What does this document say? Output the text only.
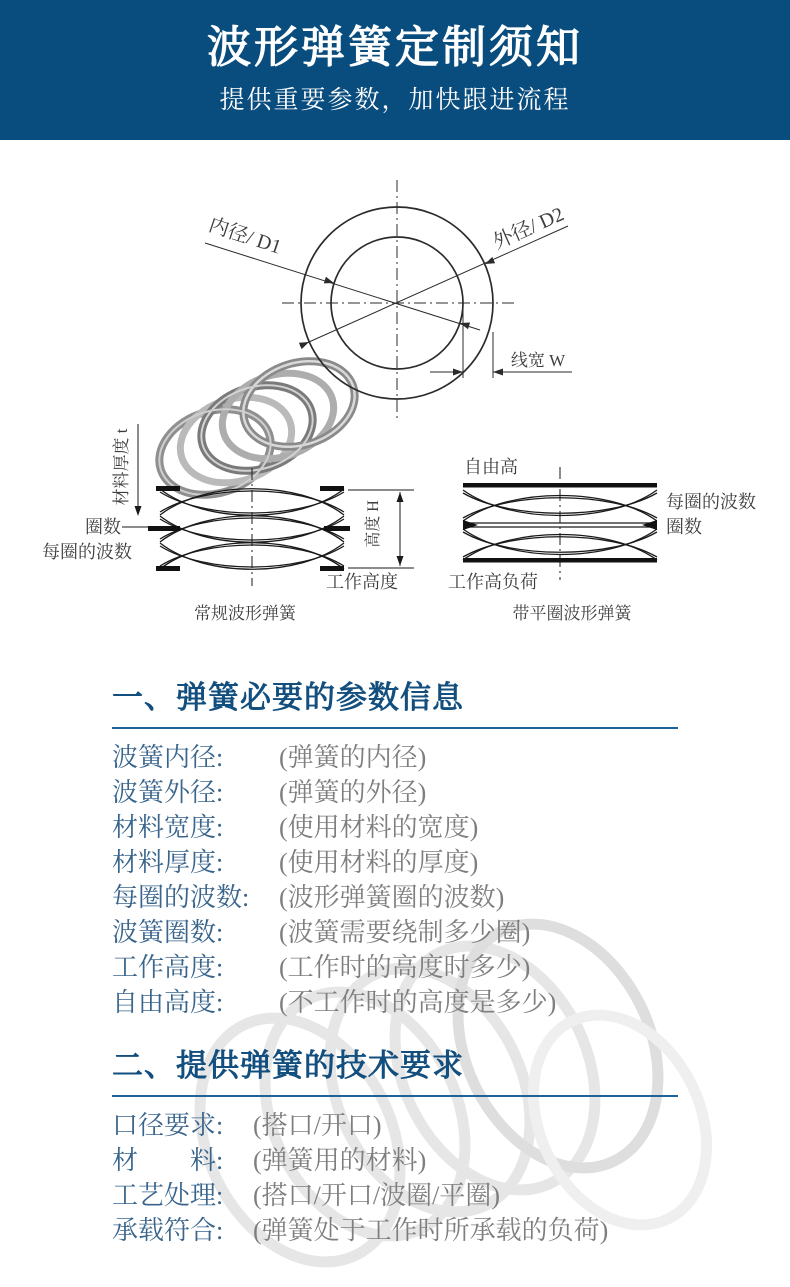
波形弹簧定制须知

提供重要参数，加快跟进流程

内径/ D1	外径/ D2
线宽 W
材料厚度 t
圈数
每圈的波数
高度 H
工作高度
常规波形弹簧
自由高
每圈的波数
圈数
工作高负荷
带平圈波形弹簧
一、弹簧必要的参数信息
波簧内径:	(弹簧的内径)
波簧外径:	(弹簧的外径)
材料宽度:	(使用材料的宽度)
材料厚度:	(使用材料的厚度)
每圈的波数:	(波形弹簧圈的波数)
波簧圈数:	(波簧需要绕制多少圈)
工作高度:	(工作时的高度时多少)
自由高度:	(不工作时的高度是多少)
二、提供弹簧的技术要求
口径要求:	(搭口/开口)
材　　料:	(弹簧用的材料)
工艺处理:	(搭口/开口/波圈/平圈)
承载符合:	(弹簧处于工作时所承载的负荷)
